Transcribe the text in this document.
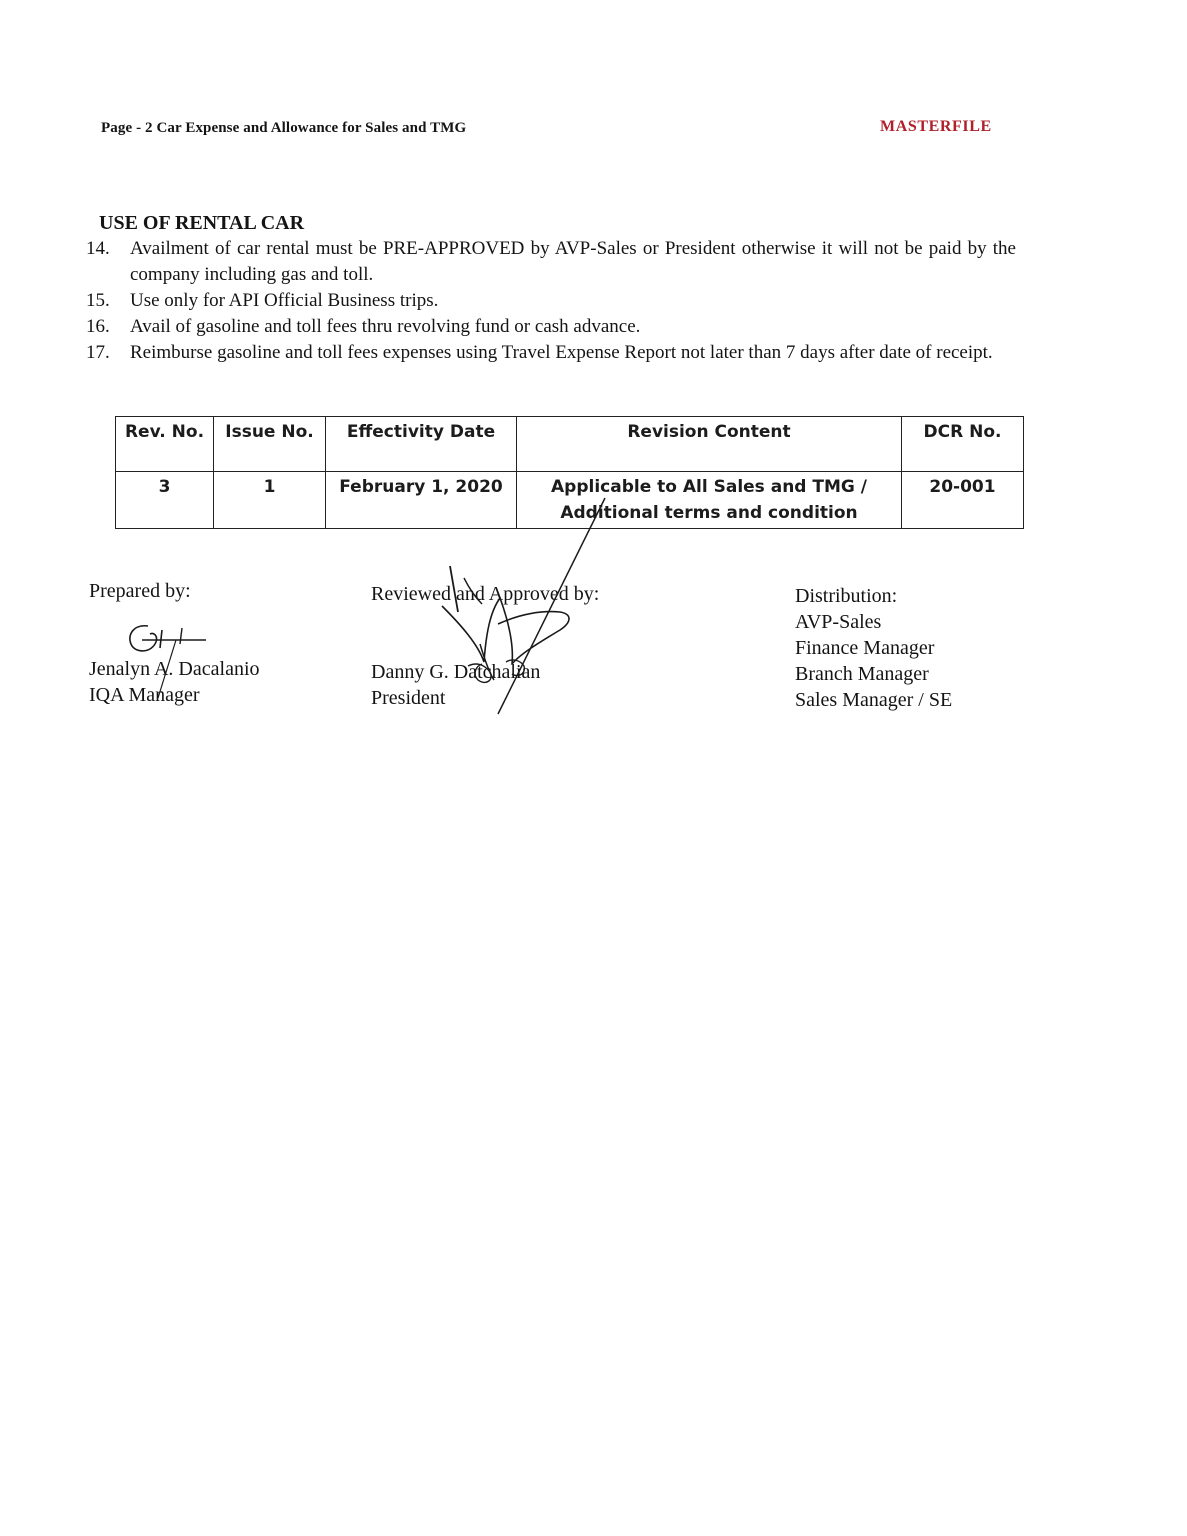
Page - 2 Car Expense and Allowance for Sales and TMG	MASTERFILE
USE OF RENTAL CAR
14.	Availment of car rental must be PRE-APPROVED by AVP-Sales or President otherwise it will not be paid by the company including gas and toll.
15.	Use only for API Official Business trips.
16.	Avail of gasoline and toll fees thru revolving fund or cash advance.
17.	Reimburse gasoline and toll fees expenses using Travel Expense Report not later than 7 days after date of receipt.
Rev. No.	Issue No.	Effectivity Date	Revision Content	DCR No.
3	1	February 1, 2020	Applicable to All Sales and TMG / Additional terms and condition	20-001
Prepared by:
Jenalyn A. Dacalanio
IQA Manager
Reviewed and Approved by:
Danny G. Datchalian
President
Distribution:
AVP-Sales
Finance Manager
Branch Manager
Sales Manager / SE
